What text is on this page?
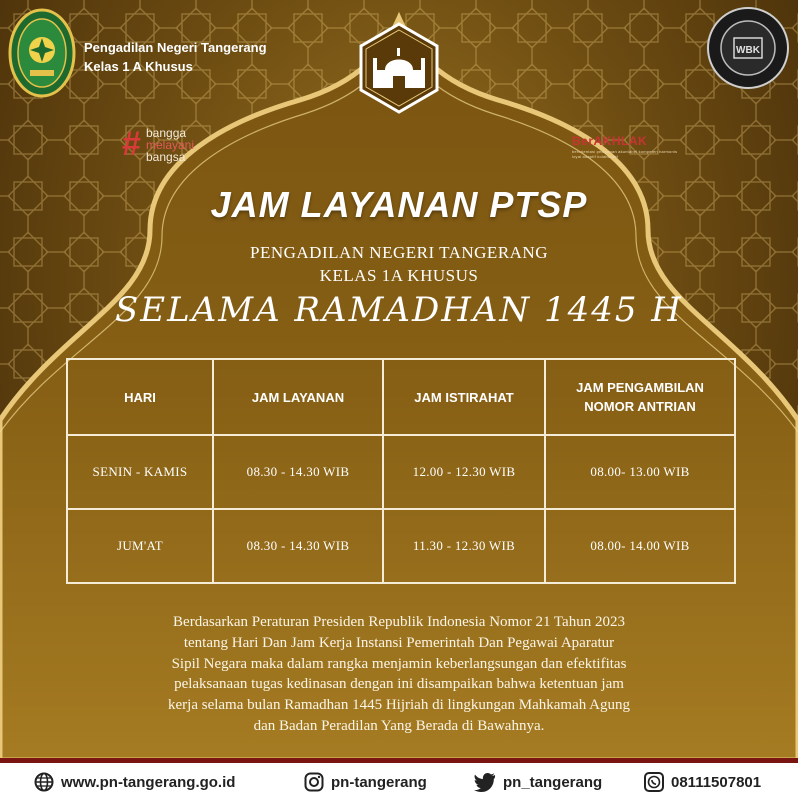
Pengadilan Negeri Tangerang
Kelas 1 A Khusus
WBK
# bangga
melayani
bangsa
BerAKHLAK
berorientasi pelayanan akuntabel kompeten harmonis loyal adaptif kolaboratif
JAM LAYANAN PTSP
PENGADILAN NEGERI TANGERANG
KELAS 1A KHUSUS
SELAMA RAMADHAN 1445 H
HARI	JAM LAYANAN	JAM ISTIRAHAT	JAM PENGAMBILAN NOMOR ANTRIAN
SENIN - KAMIS	08.30 - 14.30 WIB	12.00 - 12.30 WIB	08.00- 13.00 WIB
JUM'AT	08.30 - 14.30 WIB	11.30 - 12.30 WIB	08.00- 14.00 WIB
Berdasarkan Peraturan Presiden Republik Indonesia Nomor 21 Tahun 2023
tentang Hari Dan Jam Kerja Instansi Pemerintah Dan Pegawai Aparatur
Sipil Negara maka dalam rangka menjamin keberlangsungan dan efektifitas
pelaksanaan tugas kedinasan dengan ini disampaikan bahwa ketentuan jam
kerja selama bulan Ramadhan 1445 Hijriah di lingkungan Mahkamah Agung
dan Badan Peradilan Yang Berada di Bawahnya.
www.pn-tangerang.go.id	pn-tangerang	pn_tangerang	08111507801
